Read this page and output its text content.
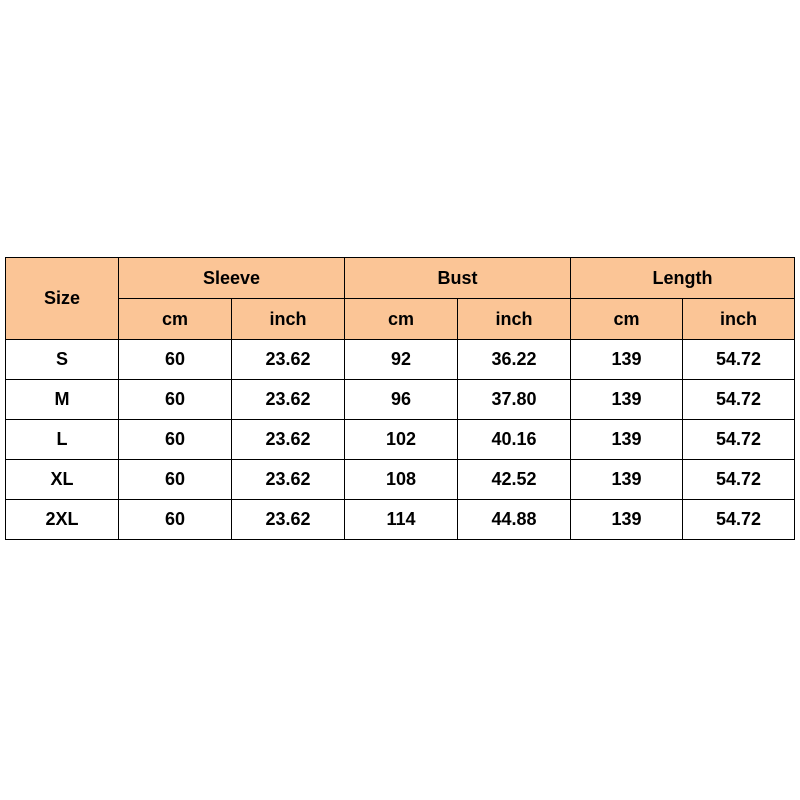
Size	Sleeve		Bust		Length	
	cm	inch	cm	inch	cm	inch
S	60	23.62	92	36.22	139	54.72
M	60	23.62	96	37.80	139	54.72
L	60	23.62	102	40.16	139	54.72
XL	60	23.62	108	42.52	139	54.72
2XL	60	23.62	114	44.88	139	54.72
